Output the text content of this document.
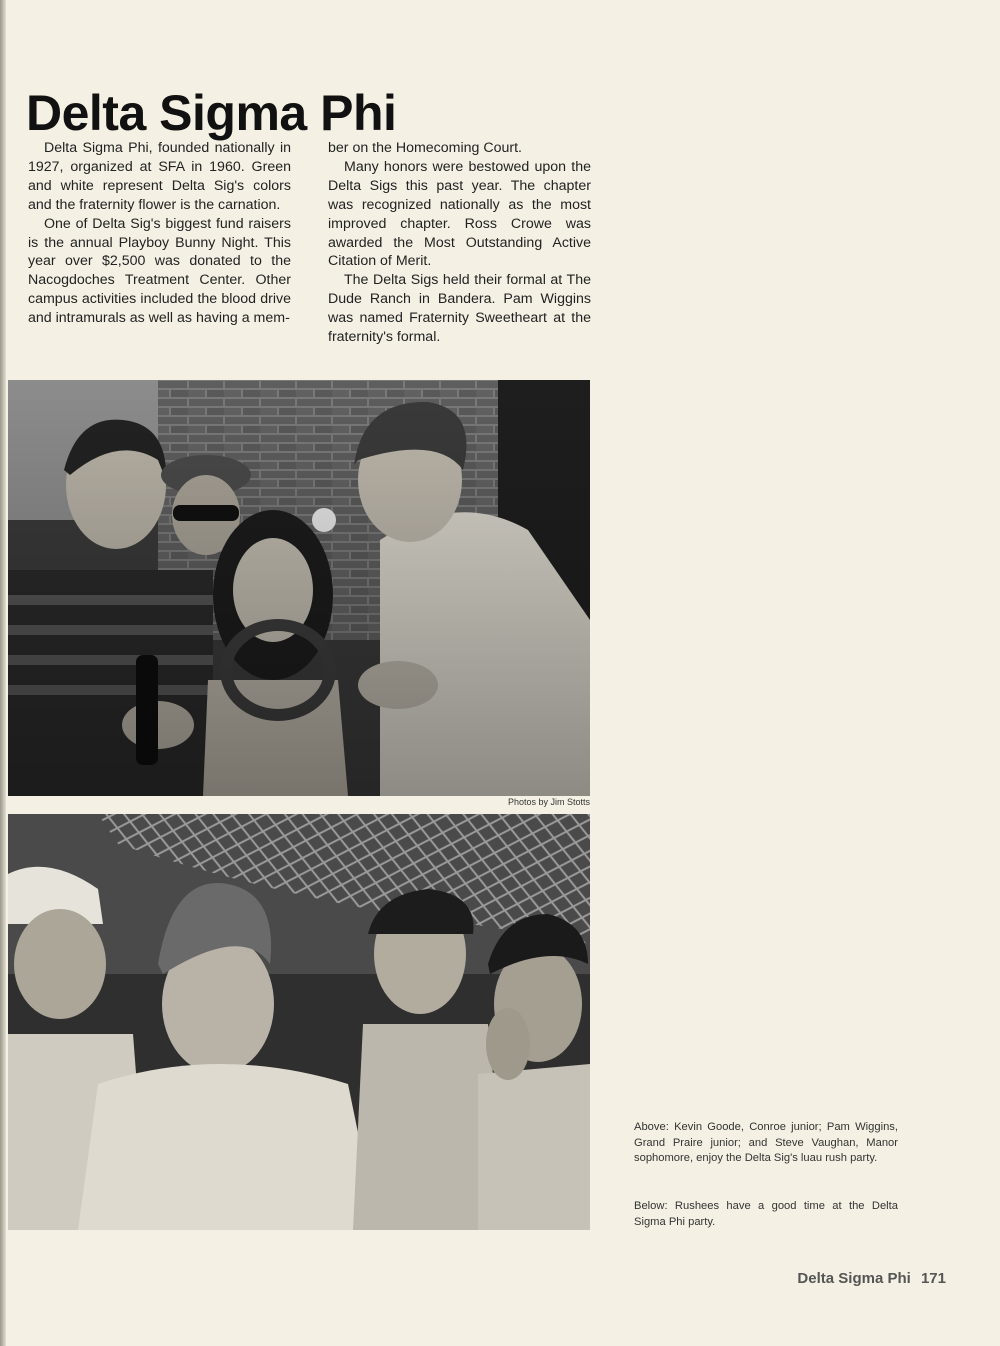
Delta Sigma Phi

Delta Sigma Phi, founded nationally in 1927, organized at SFA in 1960. Green and white represent Delta Sig's colors and the fraternity flower is the carnation.

One of Delta Sig's biggest fund raisers is the annual Playboy Bunny Night. This year over $2,500 was donated to the Nacogdoches Treatment Center. Other campus activities included the blood drive and intramurals as well as having a mem-

ber on the Homecoming Court.

Many honors were bestowed upon the Delta Sigs this past year. The chapter was recognized nationally as the most improved chapter. Ross Crowe was awarded the Most Outstanding Active Citation of Merit.

The Delta Sigs held their formal at The Dude Ranch in Bandera. Pam Wiggins was named Fraternity Sweetheart at the fraternity's formal.

Photos by Jim Stotts
Above: Kevin Goode, Conroe junior; Pam Wiggins, Grand Praire junior; and Steve Vaughan, Manor sophomore, enjoy the Delta Sig's luau rush party.
Below: Rushees have a good time at the Delta Sigma Phi party.
Delta Sigma Phi 171
